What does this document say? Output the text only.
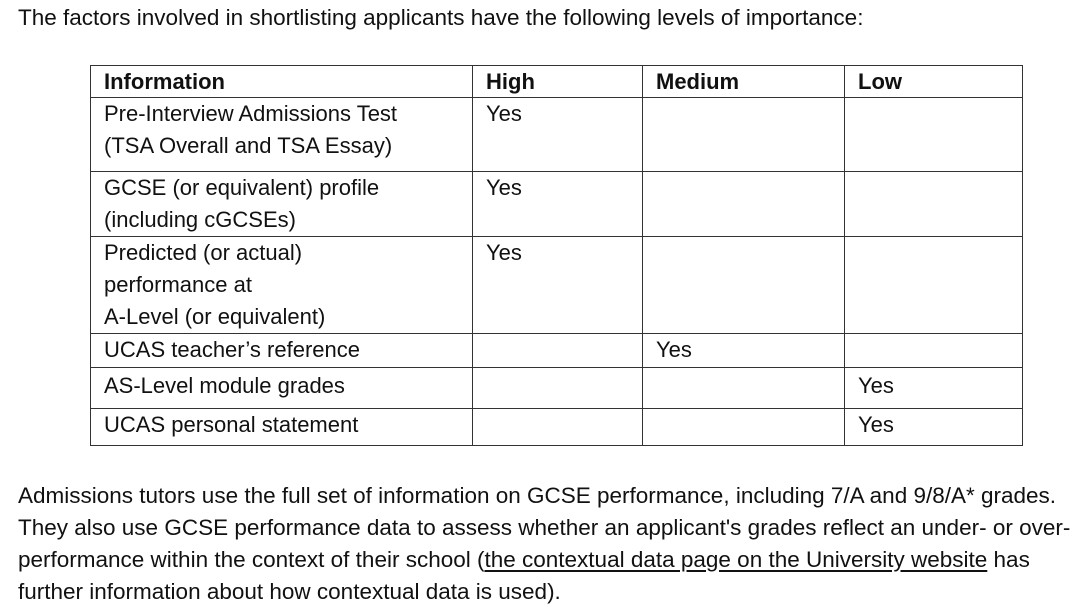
The factors involved in shortlisting applicants have the following levels of importance:

Information	High	Medium	Low
Pre-Interview Admissions Test
(TSA Overall and TSA Essay)	Yes		
GCSE (or equivalent) profile
(including cGCSEs)	Yes		
Predicted (or actual)
performance at
A-Level (or equivalent)	Yes		
UCAS teacher’s reference		Yes	
AS-Level module grades			Yes
UCAS personal statement			Yes

Admissions tutors use the full set of information on GCSE performance, including 7/A and 9/8/A* grades. They also use GCSE performance data to assess whether an applicant's grades reflect an under- or over-performance within the context of their school (the contextual data page on the University website has further information about how contextual data is used).
